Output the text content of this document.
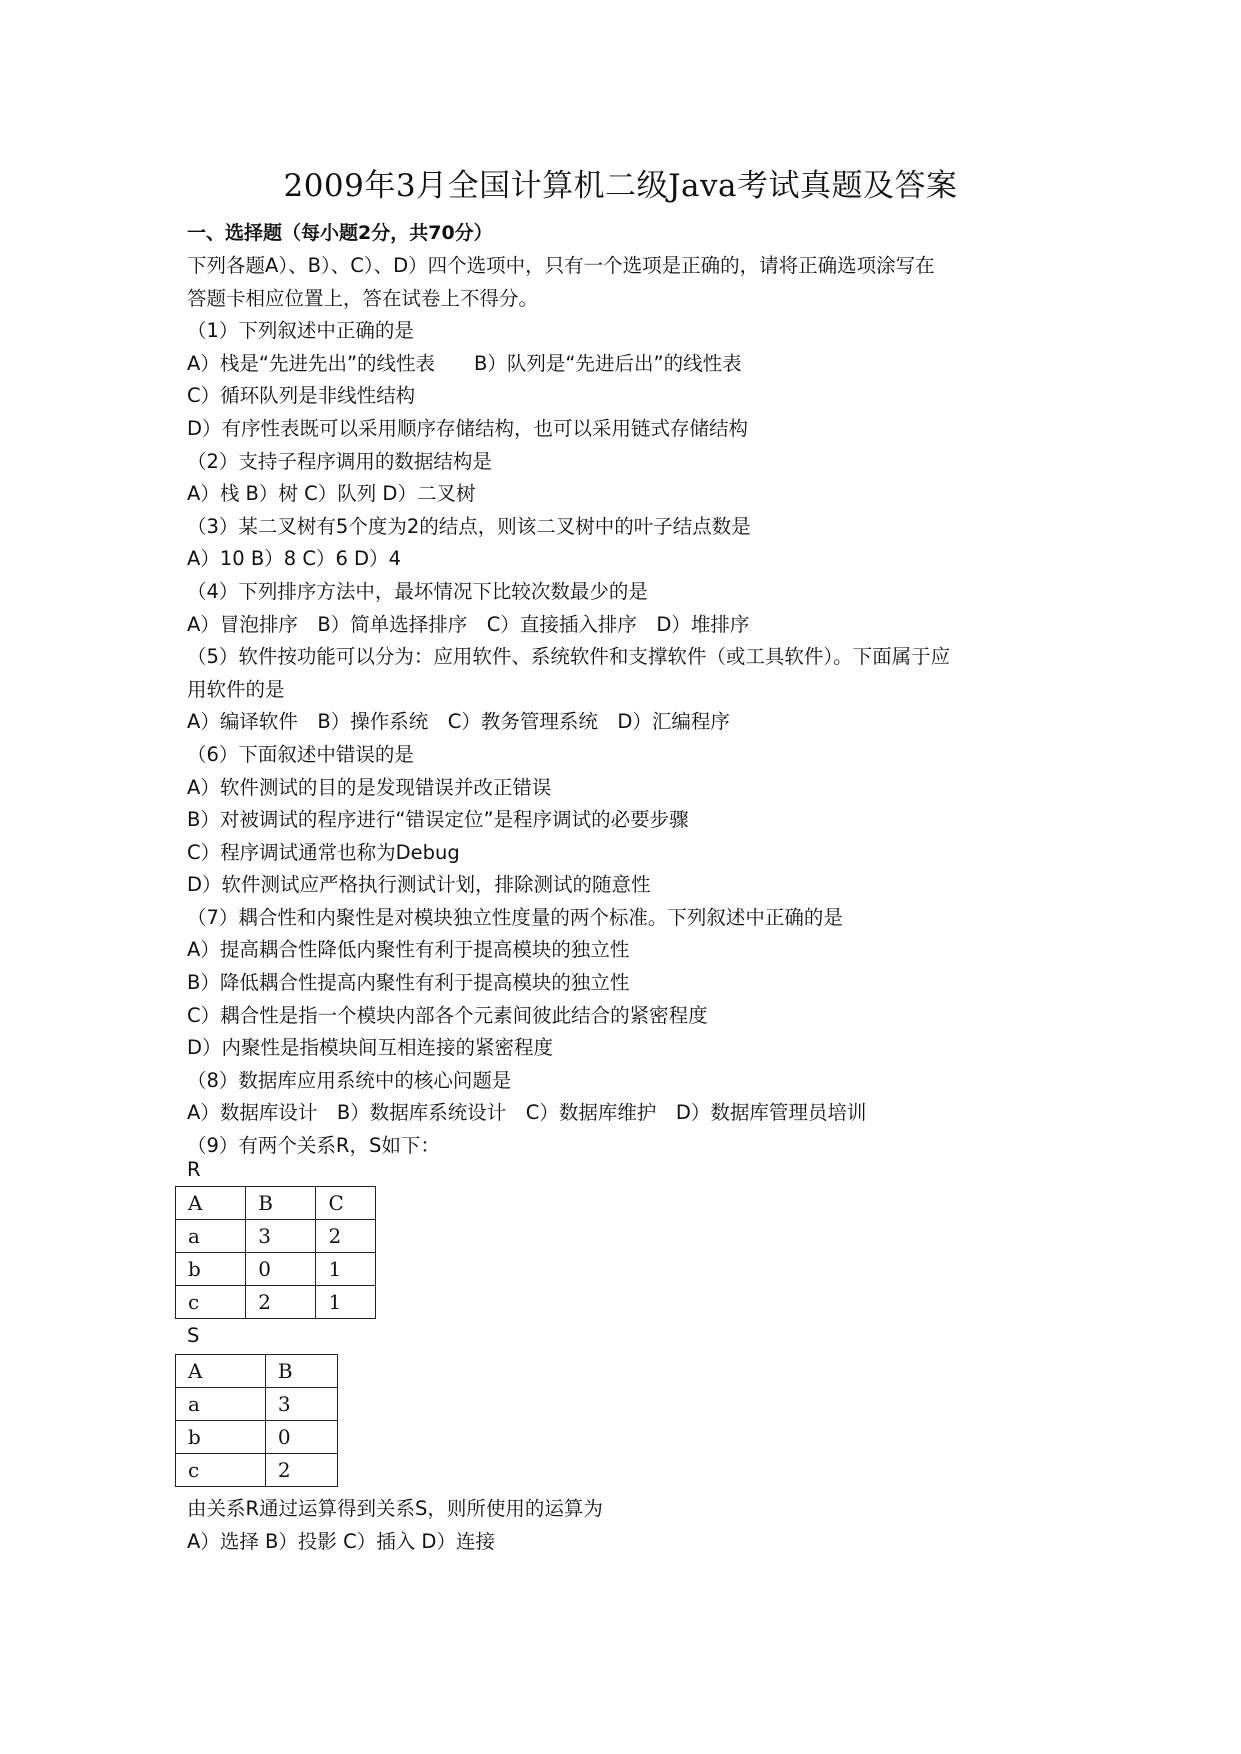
2009年3月全国计算机二级Java考试真题及答案
一、选择题（每小题2分，共70分）
下列各题A）、B）、C）、D）四个选项中，只有一个选项是正确的，请将正确选项涂写在
答题卡相应位置上，答在试卷上不得分。
（1）下列叙述中正确的是
A）栈是“先进先出”的线性表　　B）队列是“先进后出”的线性表
C）循环队列是非线性结构
D）有序性表既可以采用顺序存储结构，也可以采用链式存储结构
（2）支持子程序调用的数据结构是
A）栈 B）树 C）队列 D）二叉树
（3）某二叉树有5个度为2的结点，则该二叉树中的叶子结点数是
A）10 B）8 C）6 D）4
（4）下列排序方法中，最坏情况下比较次数最少的是
A）冒泡排序　B）简单选择排序　C）直接插入排序　D）堆排序
（5）软件按功能可以分为：应用软件、系统软件和支撑软件（或工具软件）。下面属于应
用软件的是
A）编译软件　B）操作系统　C）教务管理系统　D）汇编程序
（6）下面叙述中错误的是
A）软件测试的目的是发现错误并改正错误
B）对被调试的程序进行“错误定位”是程序调试的必要步骤
C）程序调试通常也称为Debug
D）软件测试应严格执行测试计划，排除测试的随意性
（7）耦合性和内聚性是对模块独立性度量的两个标准。下列叙述中正确的是
A）提高耦合性降低内聚性有利于提高模块的独立性
B）降低耦合性提高内聚性有利于提高模块的独立性
C）耦合性是指一个模块内部各个元素间彼此结合的紧密程度
D）内聚性是指模块间互相连接的紧密程度
（8）数据库应用系统中的核心问题是
A）数据库设计　B）数据库系统设计　C）数据库维护　D）数据库管理员培训
（9）有两个关系R，S如下：
R
A	B	C
a	3	2
b	0	1
c	2	1
S
A	B
a	3
b	0
c	2
由关系R通过运算得到关系S，则所使用的运算为
A）选择 B）投影 C）插入 D）连接
